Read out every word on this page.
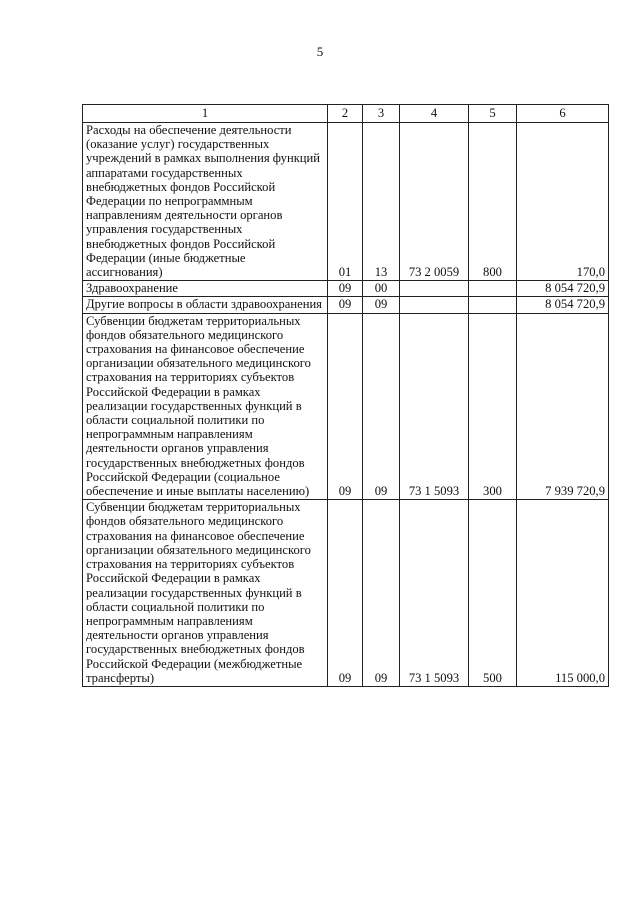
5
1	2	3	4	5	6
Расходы на обеспечение деятельности (оказание услуг) государственных учреждений в рамках выполнения функций аппаратами государственных внебюджетных фондов Российской Федерации по непрограммным направлениям деятельности органов управления государственных внебюджетных фондов Российской Федерации (иные бюджетные ассигнования)	01	13	73 2 0059	800	170,0
Здравоохранение	09	00			8 054 720,9
Другие вопросы в области здравоохранения	09	09			8 054 720,9
Субвенции бюджетам территориальных фондов обязательного медицинского страхования на финансовое обеспечение организации обязательного медицинского страхования на территориях субъектов Российской Федерации в рамках реализации государственных функций в области социальной политики по непрограммным направлениям деятельности органов управления государственных внебюджетных фондов Российской Федерации (социальное обеспечение и иные выплаты населению)	09	09	73 1 5093	300	7 939 720,9
Субвенции бюджетам территориальных фондов обязательного медицинского страхования на финансовое обеспечение организации обязательного медицинского страхования на территориях субъектов Российской Федерации в рамках реализации государственных функций в области социальной политики по непрограммным направлениям деятельности органов управления государственных внебюджетных фондов Российской Федерации (межбюджетные трансферты)	09	09	73 1 5093	500	115 000,0
